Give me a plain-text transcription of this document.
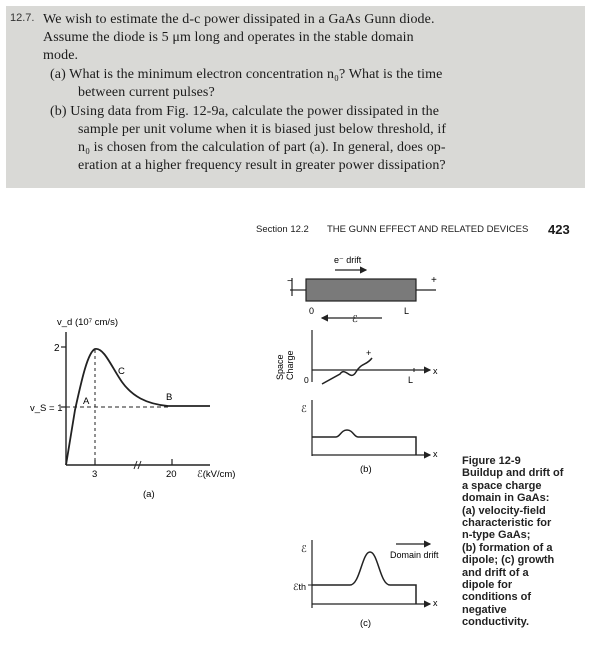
12.7. We wish to estimate the d-c power dissipated in a GaAs Gunn diode.
Assume the diode is 5 μm long and operates in the stable domain
mode.
(a) What is the minimum electron concentration n₀? What is the time
between current pulses?
(b) Using data from Fig. 12-9a, calculate the power dissipated in the
sample per unit volume when it is biased just below threshold, if
n₀ is chosen from the calculation of part (a). In general, does op-
eration at a higher frequency result in greater power dissipation?
Section 12.2 THE GUNN EFFECT AND RELATED DEVICES 423
v_d (10⁷ cm/s)
2
v_S = 1
3	20 ℰ(kV/cm)
A
C
B
(a)
e⁻ drift
+
−
0
ℰ
L
Space Charge 0
+
L
x
ℰ
x
(b)
ℰ
ℰth
Domain drift
x
(c)
Figure 12-9
Buildup and drift of
a space charge
domain in GaAs:
(a) velocity-field
characteristic for
n-type GaAs;
(b) formation of a
dipole; (c) growth
and drift of a
dipole for
conditions of
negative
conductivity.
